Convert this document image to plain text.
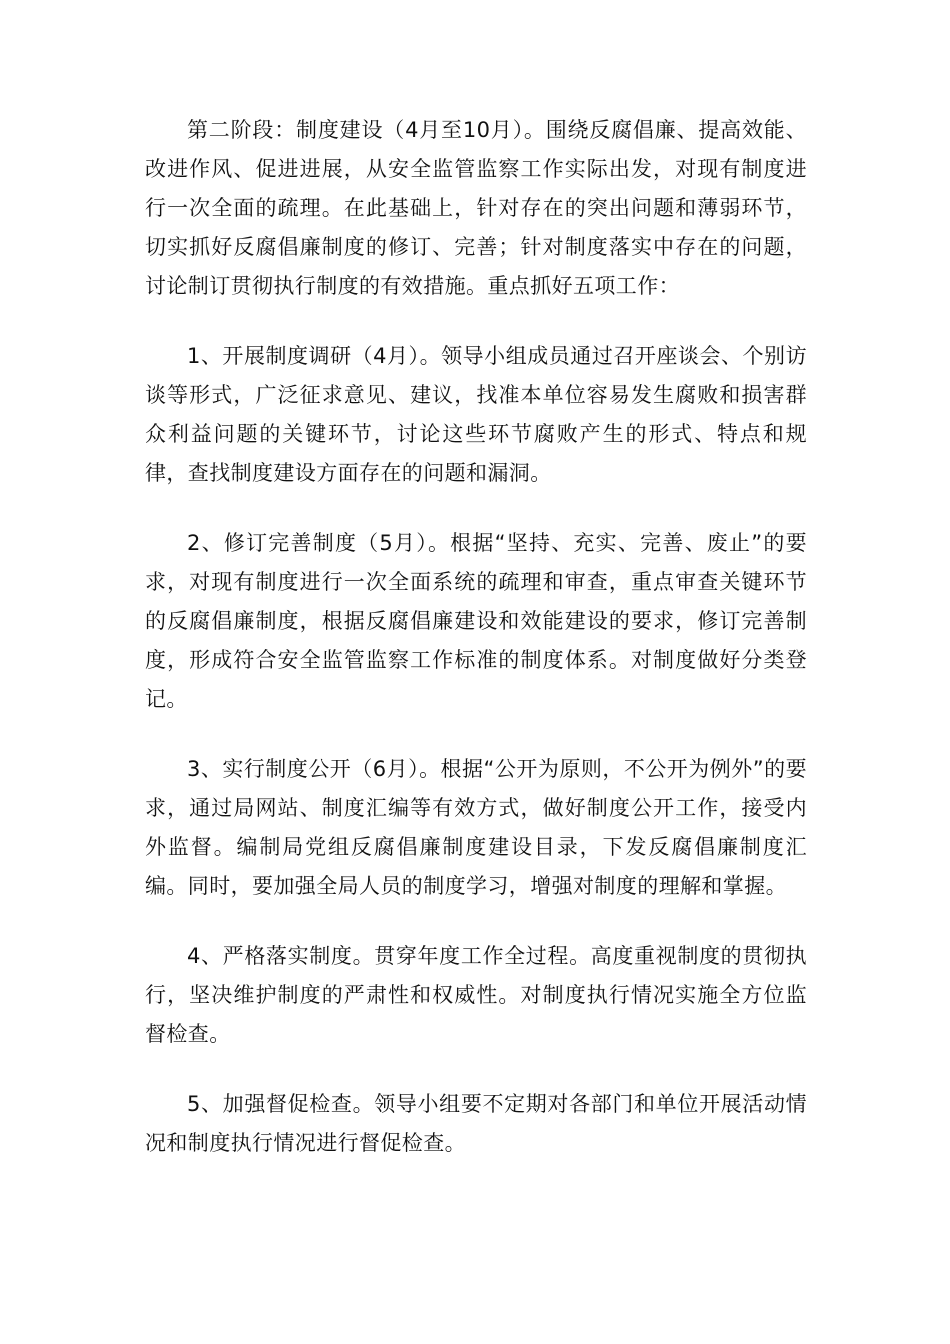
第二阶段：制度建设（4月至10月）。围绕反腐倡廉、提高效能、改进作风、促进进展，从安全监管监察工作实际出发，对现有制度进行一次全面的疏理。在此基础上，针对存在的突出问题和薄弱环节，切实抓好反腐倡廉制度的修订、完善；针对制度落实中存在的问题，讨论制订贯彻执行制度的有效措施。重点抓好五项工作：

1、开展制度调研（4月）。领导小组成员通过召开座谈会、个别访谈等形式，广泛征求意见、建议，找准本单位容易发生腐败和损害群众利益问题的关键环节，讨论这些环节腐败产生的形式、特点和规律，查找制度建设方面存在的问题和漏洞。

2、修订完善制度（5月）。根据“坚持、充实、完善、废止”的要求，对现有制度进行一次全面系统的疏理和审查，重点审查关键环节的反腐倡廉制度，根据反腐倡廉建设和效能建设的要求，修订完善制度，形成符合安全监管监察工作标准的制度体系。对制度做好分类登记。

3、实行制度公开（6月）。根据“公开为原则，不公开为例外”的要求，通过局网站、制度汇编等有效方式，做好制度公开工作，接受内外监督。编制局党组反腐倡廉制度建设目录，下发反腐倡廉制度汇编。同时，要加强全局人员的制度学习，增强对制度的理解和掌握。

4、严格落实制度。贯穿年度工作全过程。高度重视制度的贯彻执行，坚决维护制度的严肃性和权威性。对制度执行情况实施全方位监督检查。

5、加强督促检查。领导小组要不定期对各部门和单位开展活动情况和制度执行情况进行督促检查。
